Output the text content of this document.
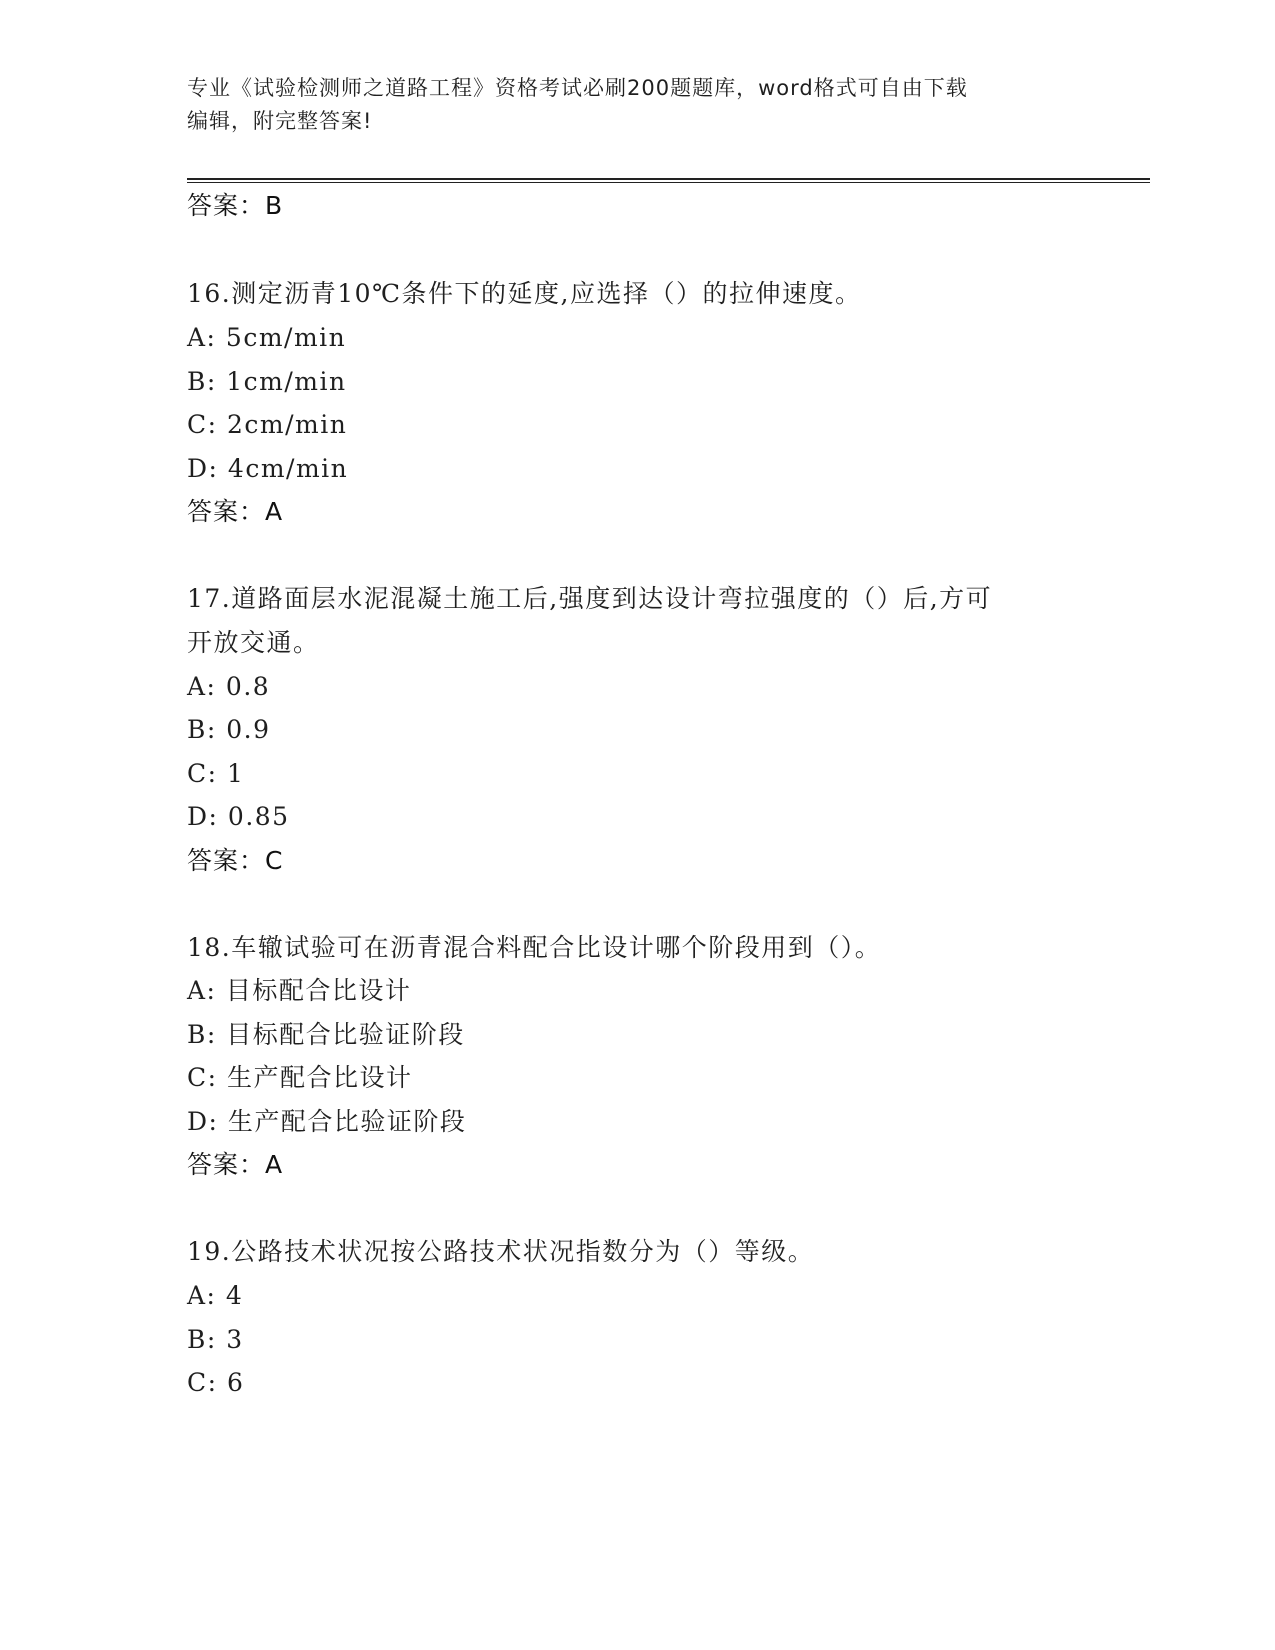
专业《试验检测师之道路工程》资格考试必刷200题题库，word格式可自由下载
编辑，附完整答案!
答案：B
16.测定沥青10℃条件下的延度,应选择（）的拉伸速度。
A: 5cm/min
B: 1cm/min
C: 2cm/min
D: 4cm/min
答案：A
17.道路面层水泥混凝土施工后,强度到达设计弯拉强度的（）后,方可
开放交通。
A: 0.8
B: 0.9
C: 1
D: 0.85
答案：C
18.车辙试验可在沥青混合料配合比设计哪个阶段用到（）。
A: 目标配合比设计
B: 目标配合比验证阶段
C: 生产配合比设计
D: 生产配合比验证阶段
答案：A
19.公路技术状况按公路技术状况指数分为（）等级。
A: 4
B: 3
C: 6
